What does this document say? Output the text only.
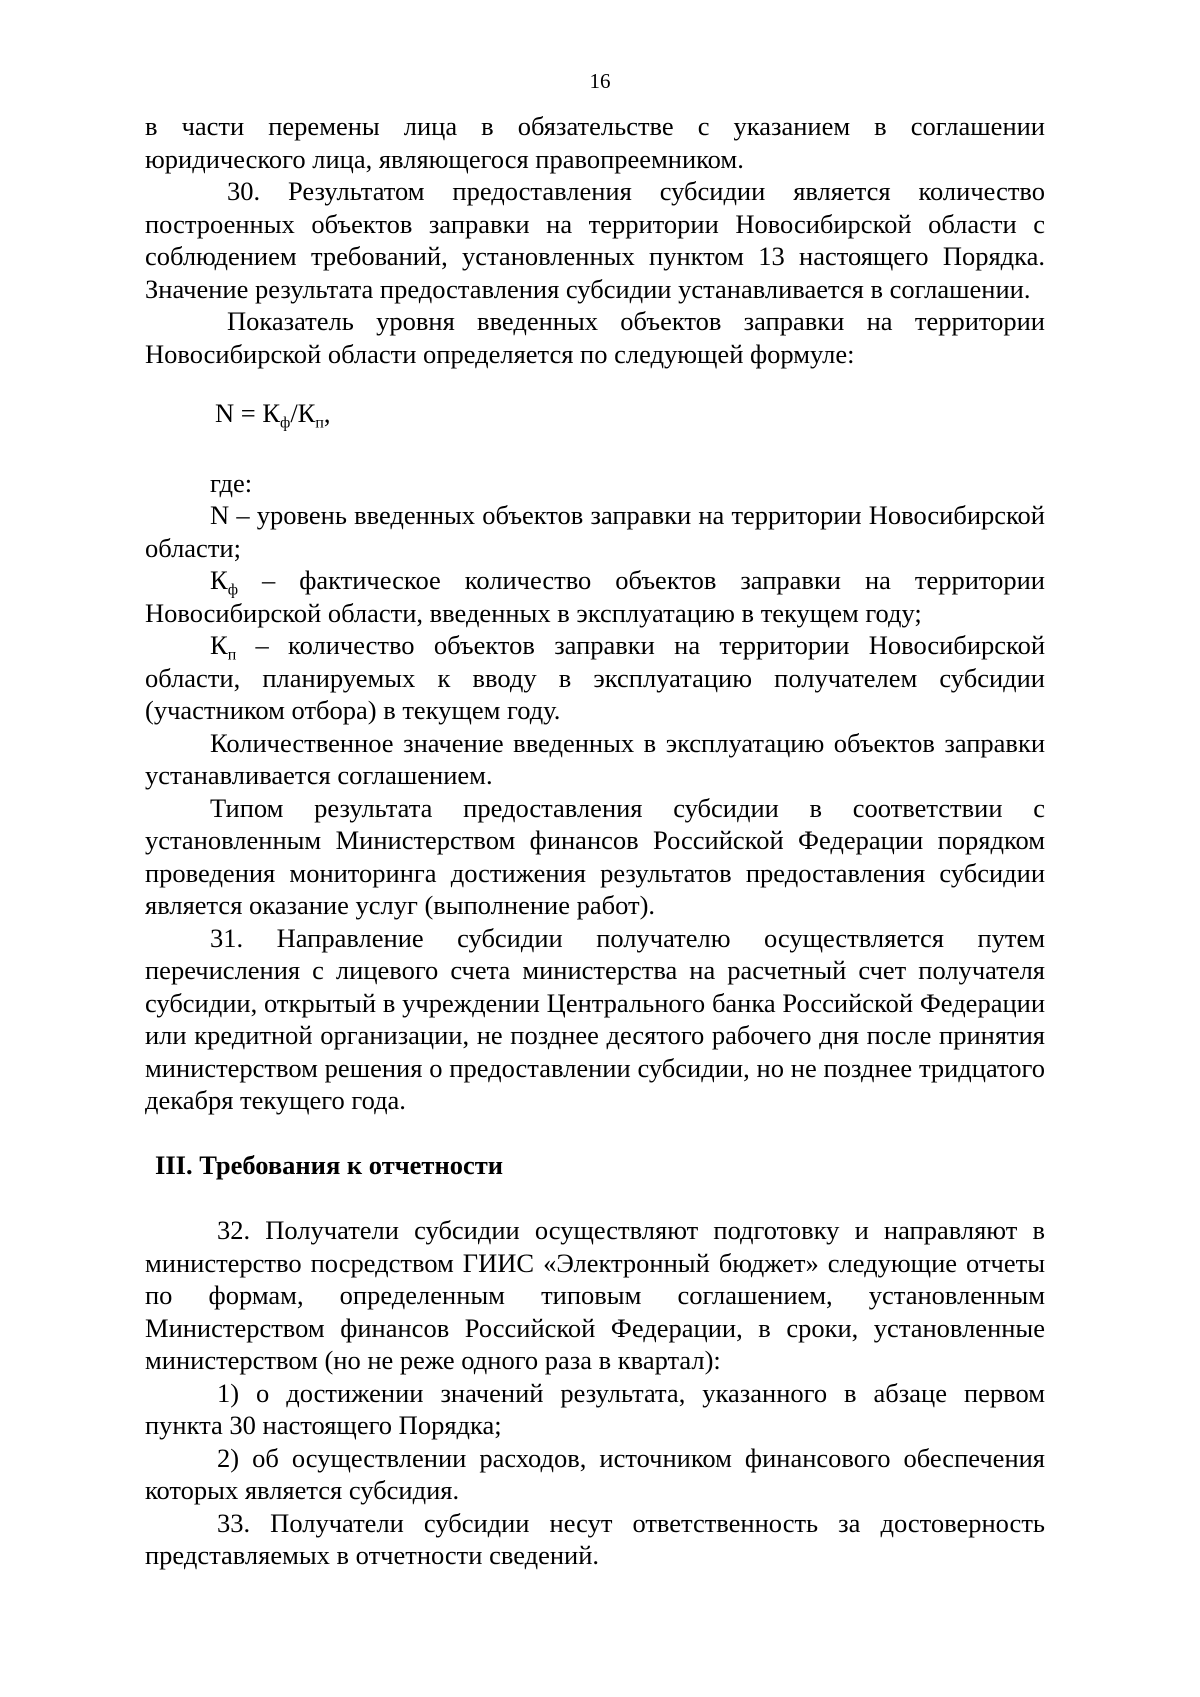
16

в части перемены лица в обязательстве с указанием в соглашении юридического лица, являющегося правопреемником.

30. Результатом предоставления субсидии является количество построенных объектов заправки на территории Новосибирской области с соблюдением требований, установленных пунктом 13 настоящего Порядка. Значение результата предоставления субсидии устанавливается в соглашении.

Показатель уровня введенных объектов заправки на территории Новосибирской области определяется по следующей формуле:

$N = К_ф/К_п$,

где:

N – уровень введенных объектов заправки на территории Новосибирской области;

$К_ф$ – фактическое количество объектов заправки на территории Новосибирской области, введенных в эксплуатацию в текущем году;

$К_п$ – количество объектов заправки на территории Новосибирской области, планируемых к вводу в эксплуатацию получателем субсидии (участником отбора) в текущем году.

Количественное значение введенных в эксплуатацию объектов заправки устанавливается соглашением.

Типом результата предоставления субсидии в соответствии с установленным Министерством финансов Российской Федерации порядком проведения мониторинга достижения результатов предоставления субсидии является оказание услуг (выполнение работ).

31. Направление субсидии получателю осуществляется путем перечисления с лицевого счета министерства на расчетный счет получателя субсидии, открытый в учреждении Центрального банка Российской Федерации или кредитной организации, не позднее десятого рабочего дня после принятия министерством решения о предоставлении субсидии, но не позднее тридцатого декабря текущего года.

III. Требования к отчетности

32. Получатели субсидии осуществляют подготовку и направляют в министерство посредством ГИИС «Электронный бюджет» следующие отчеты по формам, определенным типовым соглашением, установленным Министерством финансов Российской Федерации, в сроки, установленные министерством (но не реже одного раза в квартал):

1) о достижении значений результата, указанного в абзаце первом пункта 30 настоящего Порядка;

2) об осуществлении расходов, источником финансового обеспечения которых является субсидия.

33. Получатели субсидии несут ответственность за достоверность представляемых в отчетности сведений.
